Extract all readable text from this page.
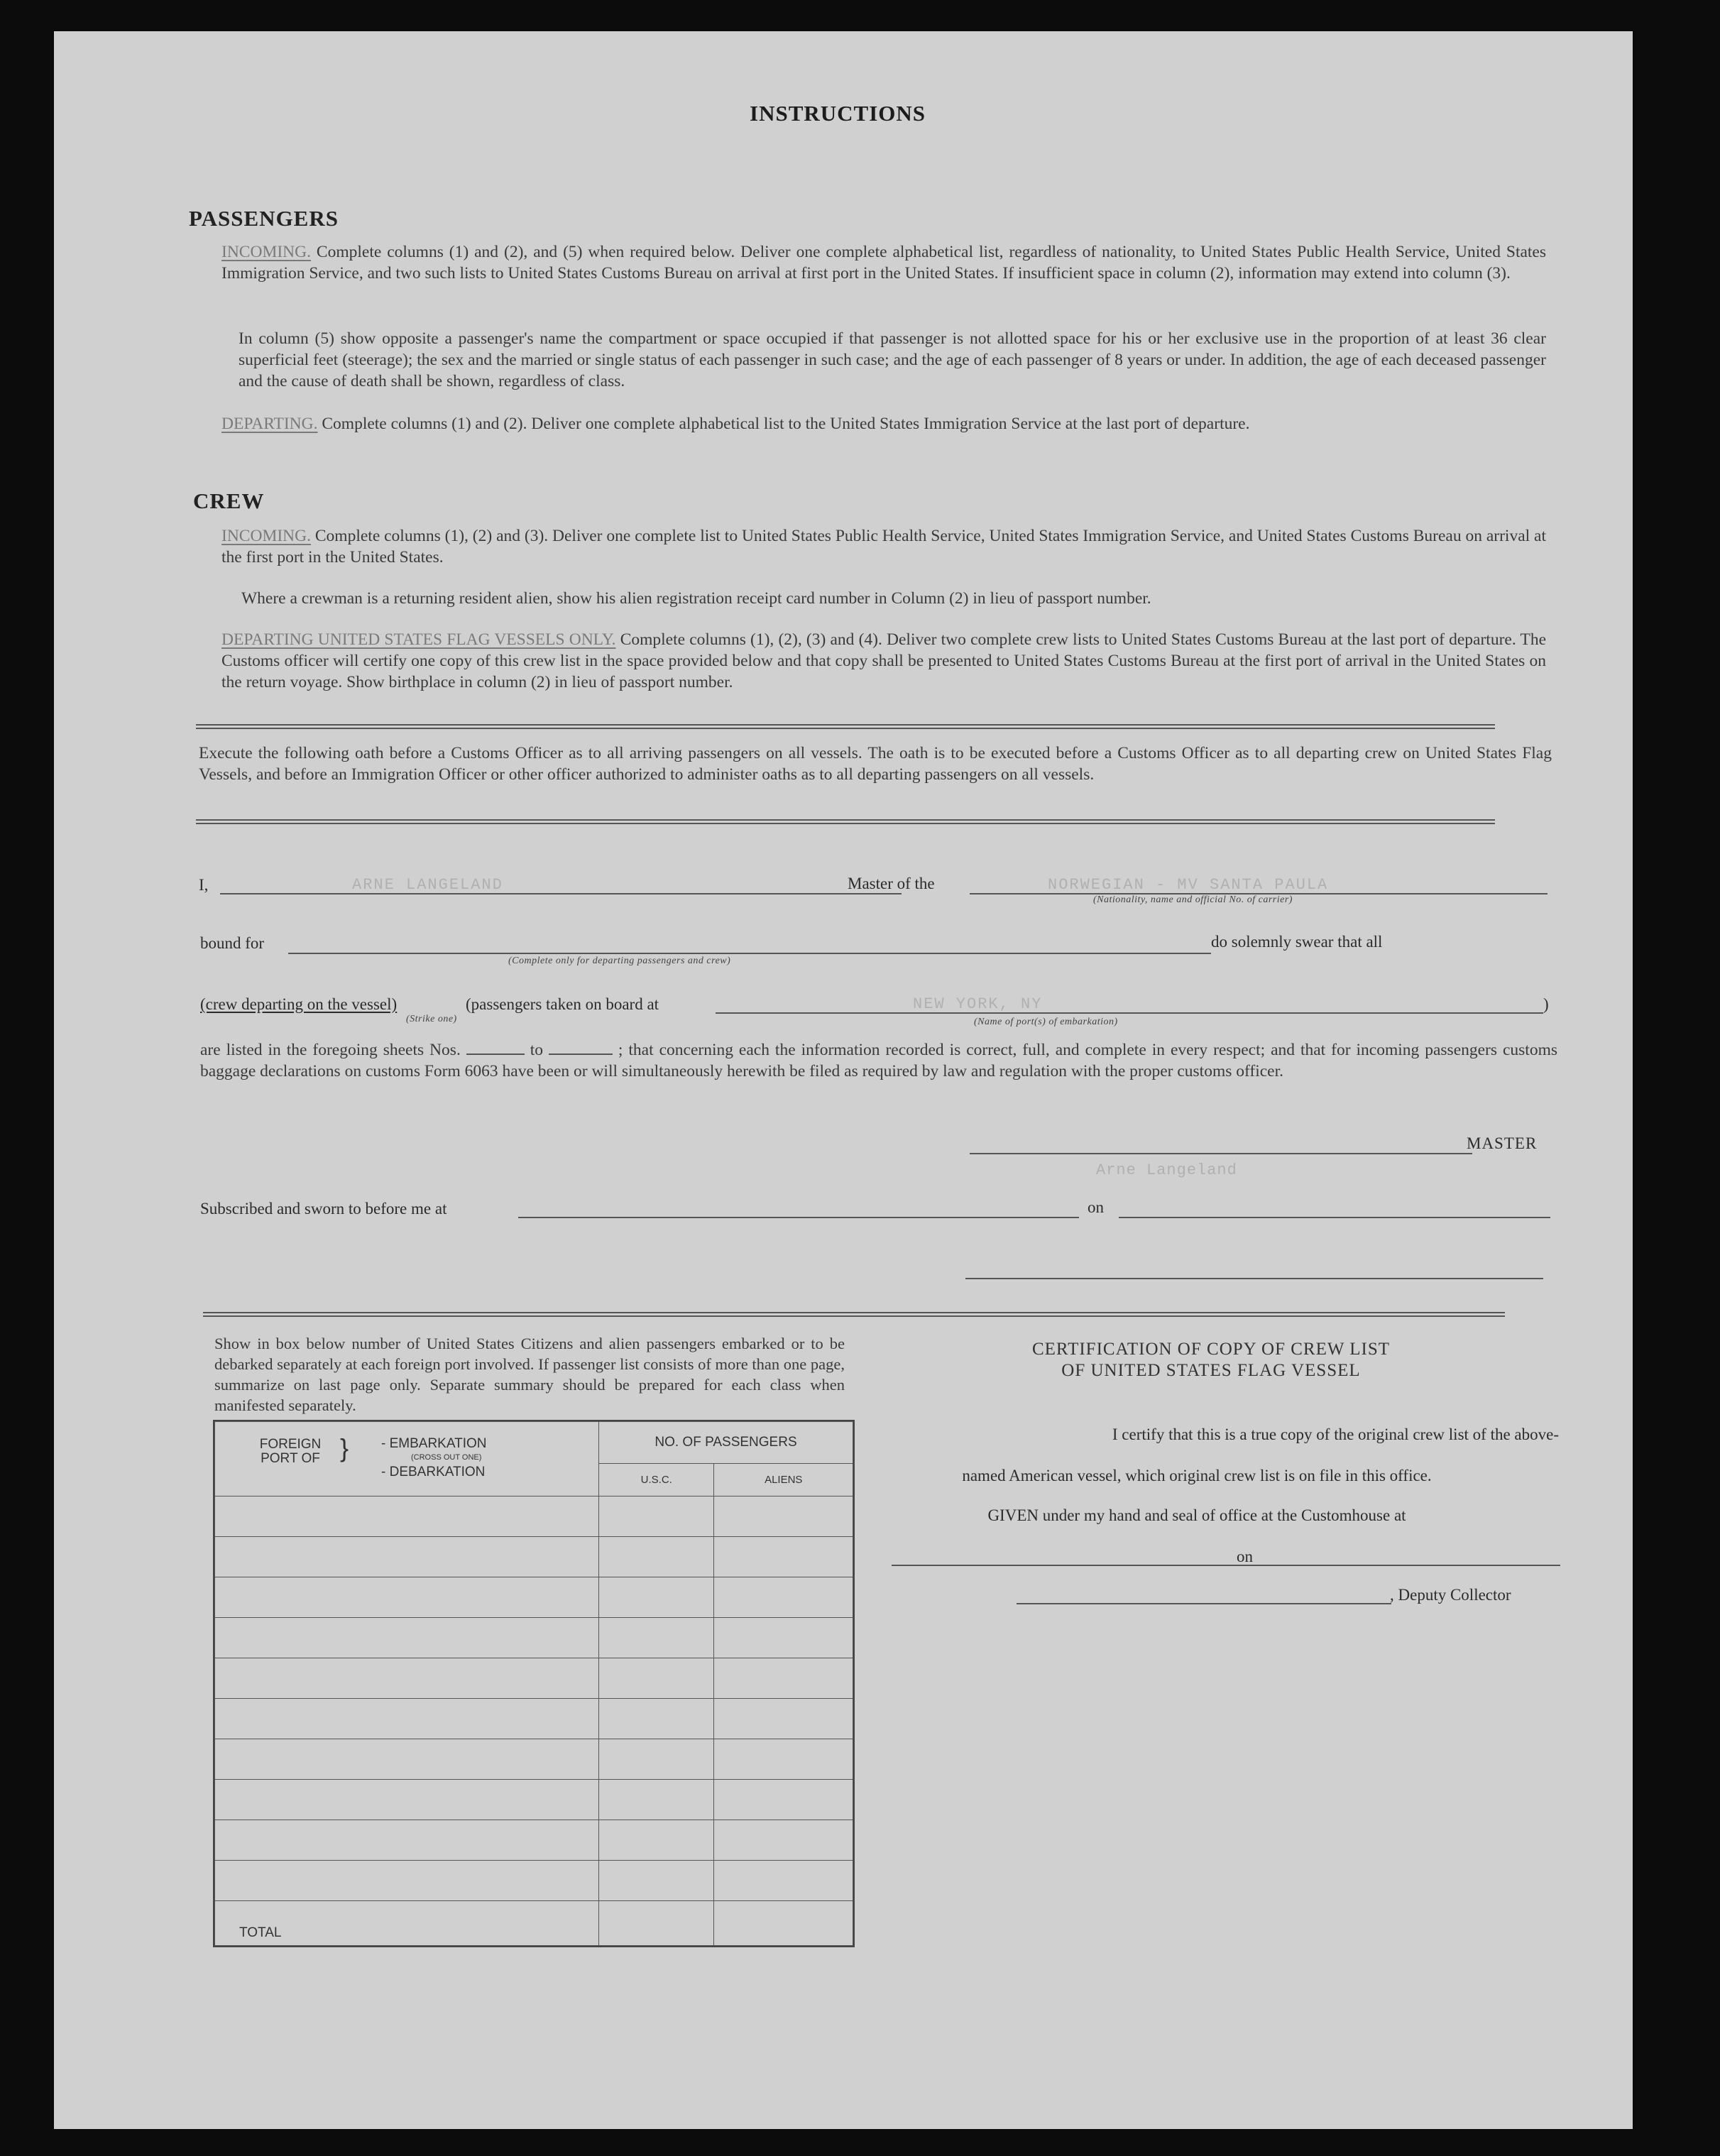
INSTRUCTIONS
PASSENGERS
INCOMING. Complete columns (1) and (2), and (5) when required below. Deliver one complete alphabetical list, regardless of nationality, to United States Public Health Service, United States Immigration Service, and two such lists to United States Customs Bureau on arrival at first port in the United States. If insufficient space in column (2), information may extend into column (3).
In column (5) show opposite a passenger's name the compartment or space occupied if that passenger is not allotted space for his or her exclusive use in the proportion of at least 36 clear superficial feet (steerage); the sex and the married or single status of each passenger in such case; and the age of each passenger of 8 years or under. In addition, the age of each deceased passenger and the cause of death shall be shown, regardless of class.
DEPARTING. Complete columns (1) and (2). Deliver one complete alphabetical list to the United States Immigration Service at the last port of departure.
CREW
INCOMING. Complete columns (1), (2) and (3). Deliver one complete list to United States Public Health Service, United States Immigration Service, and United States Customs Bureau on arrival at the first port in the United States.
Where a crewman is a returning resident alien, show his alien registration receipt card number in Column (2) in lieu of passport number.
DEPARTING UNITED STATES FLAG VESSELS ONLY. Complete columns (1), (2), (3) and (4). Deliver two complete crew lists to United States Customs Bureau at the last port of departure. The Customs officer will certify one copy of this crew list in the space provided below and that copy shall be presented to United States Customs Bureau at the first port of arrival in the United States on the return voyage. Show birthplace in column (2) in lieu of passport number.
Execute the following oath before a Customs Officer as to all arriving passengers on all vessels. The oath is to be executed before a Customs Officer as to all departing crew on United States Flag Vessels, and before an Immigration Officer or other officer authorized to administer oaths as to all departing passengers on all vessels.
I,	ARNE LANGELAND	Master of the	NORWEGIAN - MV SANTA PAULA
(Nationality, name and official No. of carrier)
bound for
(Complete only for departing passengers and crew)
do solemnly swear that all
(crew departing on the vessel)
(Strike one)
(passengers taken on board at	NEW YORK, NY
(Name of port(s) of embarkation)
)
are listed in the foregoing sheets Nos.	to	; that concerning each the information recorded is correct, full, and complete in every respect; and that for incoming passengers customs baggage declarations on customs Form 6063 have been or will simultaneously herewith be filed as required by law and regulation with the proper customs officer.
MASTER
Arne Langeland
Subscribed and sworn to before me at	on
Show in box below number of United States Citizens and alien passengers embarked or to be debarked separately at each foreign port involved. If passenger list consists of more than one page, summarize on last page only. Separate summary should be prepared for each class when manifested separately.
FOREIGN PORT OF } - EMBARKATION
(CROSS OUT ONE)
- DEBARKATION	NO. OF PASSENGERS	
	U.S.C.	ALIENS

TOTAL		
CERTIFICATION OF COPY OF CREW LIST
OF UNITED STATES FLAG VESSEL
I certify that this is a true copy of the original crew list of the above-
named American vessel, which original crew list is on file in this office.
GIVEN under my hand and seal of office at the Customhouse at
on
, Deputy Collector
